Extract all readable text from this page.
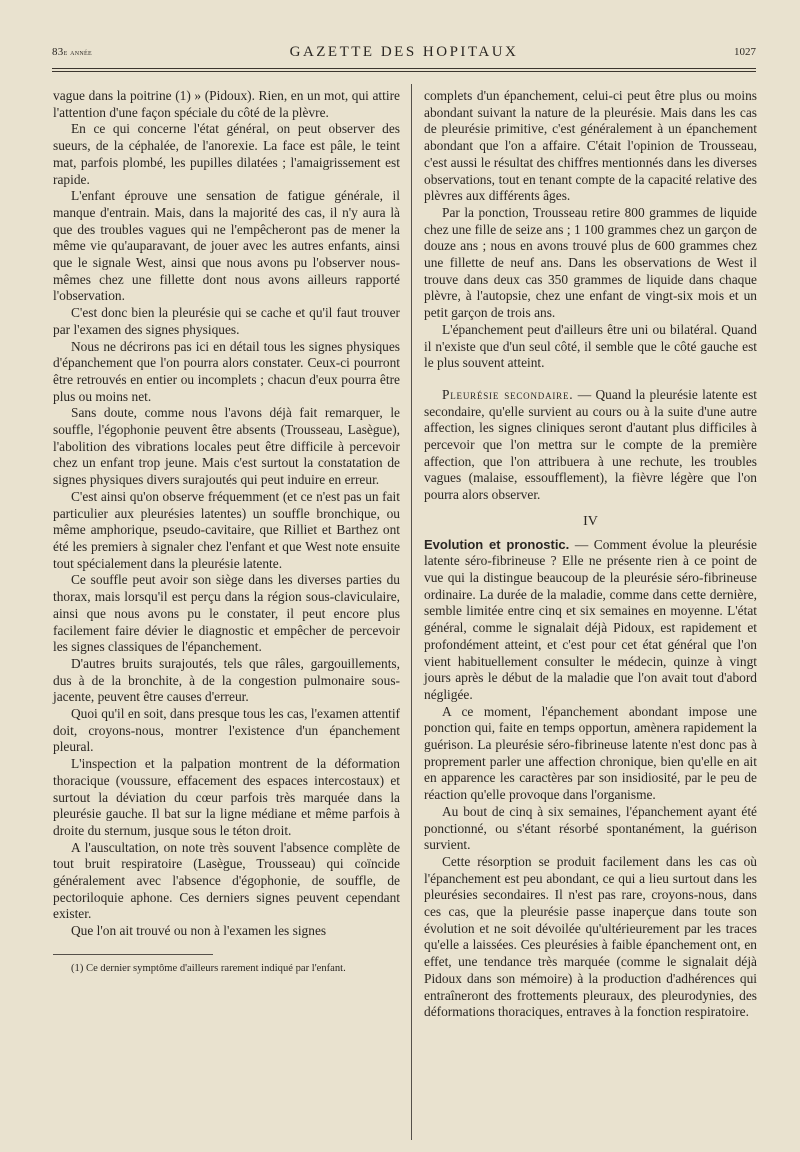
83e année	GAZETTE DES HOPITAUX	1027

vague dans la poitrine (1) » (Pidoux). Rien, en un mot, qui attire l'attention d'une façon spéciale du côté de la plèvre.

En ce qui concerne l'état général, on peut observer des sueurs, de la céphalée, de l'anorexie. La face est pâle, le teint mat, parfois plombé, les pupilles dilatées ; l'amaigrissement est rapide.

L'enfant éprouve une sensation de fatigue générale, il manque d'entrain. Mais, dans la majorité des cas, il n'y aura là que des troubles vagues qui ne l'empêcheront pas de mener la même vie qu'auparavant, de jouer avec les autres enfants, ainsi que le signale West, ainsi que nous avons pu l'observer nous-mêmes chez une fillette dont nous avons ailleurs rapporté l'observation.

C'est donc bien la pleurésie qui se cache et qu'il faut trouver par l'examen des signes physiques.

Nous ne décrirons pas ici en détail tous les signes physiques d'épanchement que l'on pourra alors constater. Ceux-ci pourront être retrouvés en entier ou incomplets ; chacun d'eux pourra être plus ou moins net.

Sans doute, comme nous l'avons déjà fait remarquer, le souffle, l'égophonie peuvent être absents (Trousseau, Lasègue), l'abolition des vibrations locales peut être difficile à percevoir chez un enfant trop jeune. Mais c'est surtout la constatation de signes physiques divers surajoutés qui peut induire en erreur.

C'est ainsi qu'on observe fréquemment (et ce n'est pas un fait particulier aux pleurésies latentes) un souffle bronchique, ou même amphorique, pseudo-cavitaire, que Rilliet et Barthez ont été les premiers à signaler chez l'enfant et que West note ensuite tout spécialement dans la pleurésie latente.

Ce souffle peut avoir son siège dans les diverses parties du thorax, mais lorsqu'il est perçu dans la région sous-claviculaire, ainsi que nous avons pu le constater, il peut encore plus facilement faire dévier le diagnostic et empêcher de percevoir les signes classiques de l'épanchement.

D'autres bruits surajoutés, tels que râles, gargouillements, dus à de la bronchite, à de la congestion pulmonaire sous-jacente, peuvent être causes d'erreur.

Quoi qu'il en soit, dans presque tous les cas, l'examen attentif doit, croyons-nous, montrer l'existence d'un épanchement pleural.

L'inspection et la palpation montrent de la déformation thoracique (voussure, effacement des espaces intercostaux) et surtout la déviation du cœur parfois très marquée dans la pleurésie gauche. Il bat sur la ligne médiane et même parfois à droite du sternum, jusque sous le téton droit.

A l'auscultation, on note très souvent l'absence complète de tout bruit respiratoire (Lasègue, Trousseau) qui coïncide généralement avec l'absence d'égophonie, de souffle, de pectoriloquie aphone. Ces derniers signes peuvent cependant exister.

Que l'on ait trouvé ou non à l'examen les signes

(1) Ce dernier symptôme d'ailleurs rarement indiqué par l'enfant.

complets d'un épanchement, celui-ci peut être plus ou moins abondant suivant la nature de la pleurésie. Mais dans les cas de pleurésie primitive, c'est généralement à un épanchement abondant que l'on a affaire. C'était l'opinion de Trousseau, c'est aussi le résultat des chiffres mentionnés dans les diverses observations, tout en tenant compte de la capacité relative des plèvres aux différents âges.

Par la ponction, Trousseau retire 800 grammes de liquide chez une fille de seize ans ; 1 100 grammes chez un garçon de douze ans ; nous en avons trouvé plus de 600 grammes chez une fillette de neuf ans. Dans les observations de West il trouve dans deux cas 350 grammes de liquide dans chaque plèvre, à l'autopsie, chez une enfant de vingt-six mois et un petit garçon de trois ans.

L'épanchement peut d'ailleurs être uni ou bilatéral. Quand il n'existe que d'un seul côté, il semble que le côté gauche est le plus souvent atteint.

Pleurésie secondaire. — Quand la pleurésie latente est secondaire, qu'elle survient au cours ou à la suite d'une autre affection, les signes cliniques seront d'autant plus difficiles à percevoir que l'on mettra sur le compte de la première affection, que l'on attribuera à une rechute, les troubles vagues (malaise, essoufflement), la fièvre légère que l'on pourra alors observer.

IV

Evolution et pronostic. — Comment évolue la pleurésie latente séro-fibrineuse ? Elle ne présente rien à ce point de vue qui la distingue beaucoup de la pleurésie séro-fibrineuse ordinaire. La durée de la maladie, comme dans cette dernière, semble limitée entre cinq et six semaines en moyenne. L'état général, comme le signalait déjà Pidoux, est rapidement et profondément atteint, et c'est pour cet état général que l'on vient habituellement consulter le médecin, quinze à vingt jours après le début de la maladie que l'on avait tout d'abord négligée.

A ce moment, l'épanchement abondant impose une ponction qui, faite en temps opportun, amènera rapidement la guérison. La pleurésie séro-fibrineuse latente n'est donc pas à proprement parler une affection chronique, bien qu'elle en ait en apparence les caractères par son insidiosité, par le peu de réaction qu'elle provoque dans l'organisme.

Au bout de cinq à six semaines, l'épanchement ayant été ponctionné, ou s'étant résorbé spontanément, la guérison survient.

Cette résorption se produit facilement dans les cas où l'épanchement est peu abondant, ce qui a lieu surtout dans les pleurésies secondaires. Il n'est pas rare, croyons-nous, dans ces cas, que la pleurésie passe inaperçue dans toute son évolution et ne soit dévoilée qu'ultérieurement par les traces qu'elle a laissées. Ces pleurésies à faible épanchement ont, en effet, une tendance très marquée (comme le signalait déjà Pidoux dans son mémoire) à la production d'adhérences qui entraîneront des frottements pleuraux, des pleurodynies, des déformations thoraciques, entraves à la fonction respiratoire.
